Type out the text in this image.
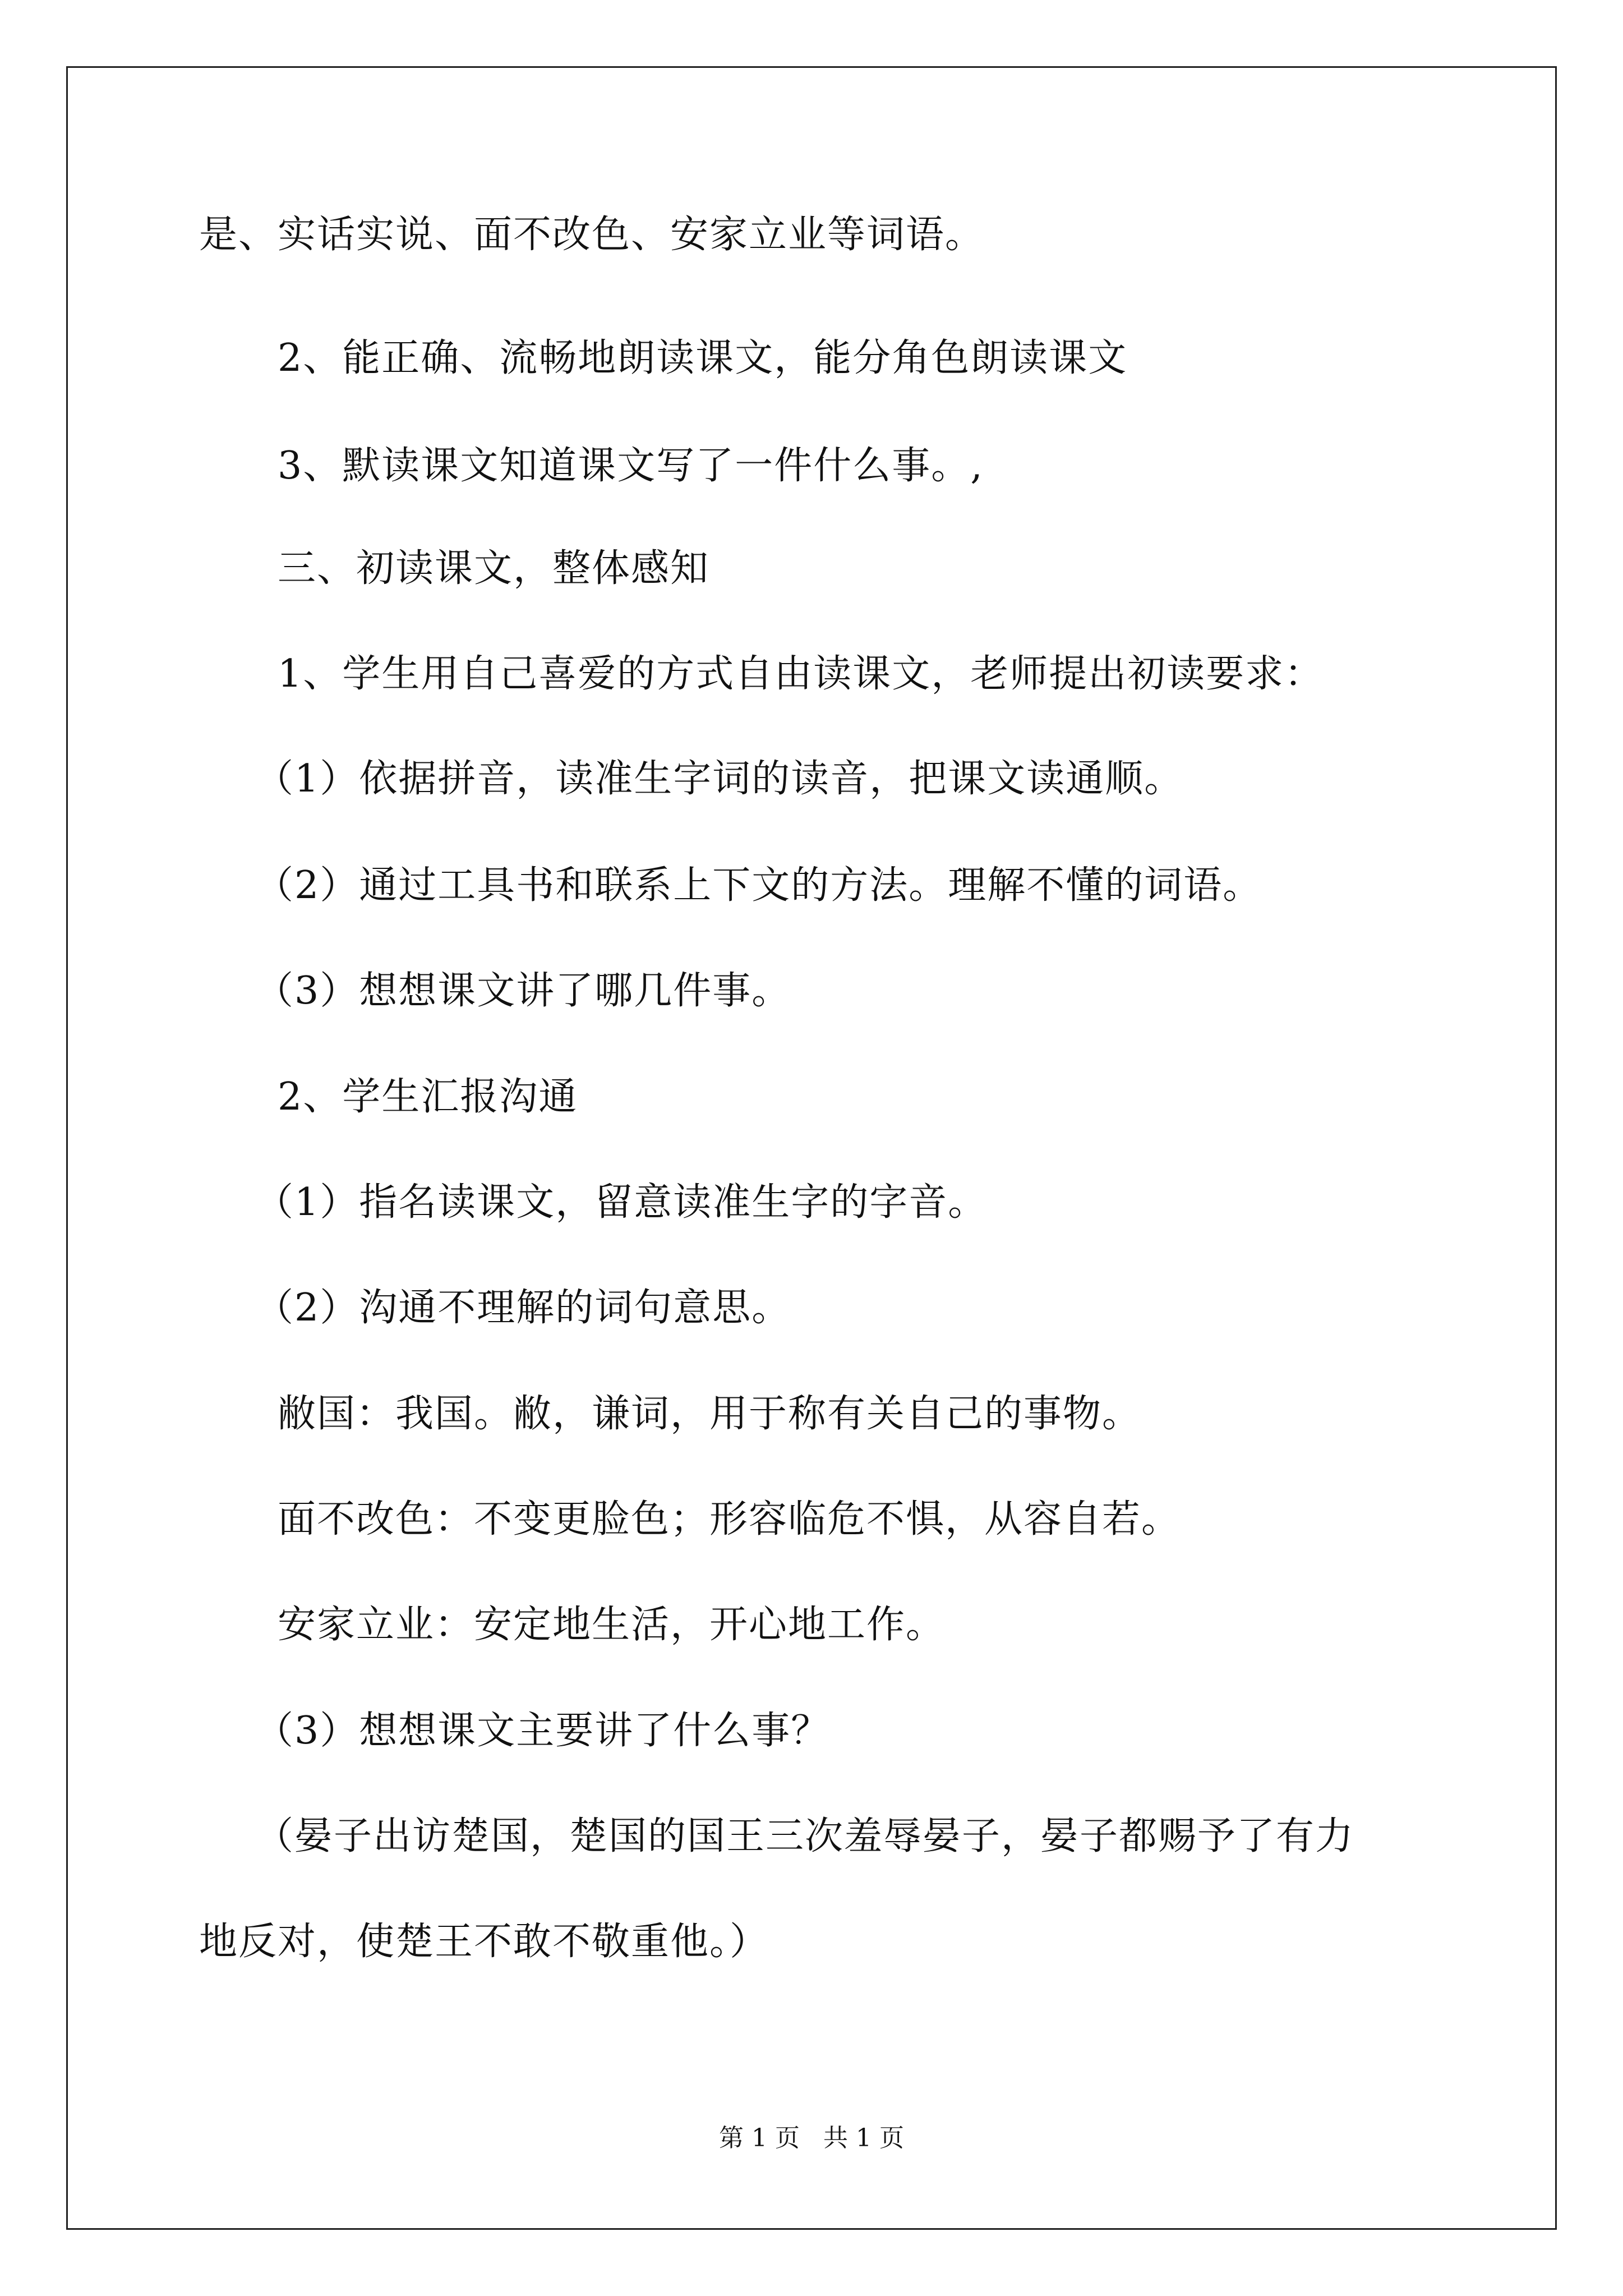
是、实话实说、面不改色、安家立业等词语。
2、能正确、流畅地朗读课文，能分角色朗读课文
3、默读课文知道课文写了一件什么事。,
三、初读课文，整体感知
1、学生用自己喜爱的方式自由读课文，老师提出初读要求：
（1）依据拼音，读准生字词的读音，把课文读通顺。
（2）通过工具书和联系上下文的方法。理解不懂的词语。
（3）想想课文讲了哪几件事。
2、学生汇报沟通
（1）指名读课文，留意读准生字的字音。
（2）沟通不理解的词句意思。
敝国：我国。敝，谦词，用于称有关自己的事物。
面不改色：不变更脸色；形容临危不惧，从容自若。
安家立业：安定地生活，开心地工作。
（3）想想课文主要讲了什么事？
（晏子出访楚国，楚国的国王三次羞辱晏子，晏子都赐予了有力
地反对，使楚王不敢不敬重他。）
第 1 页   共 1 页
